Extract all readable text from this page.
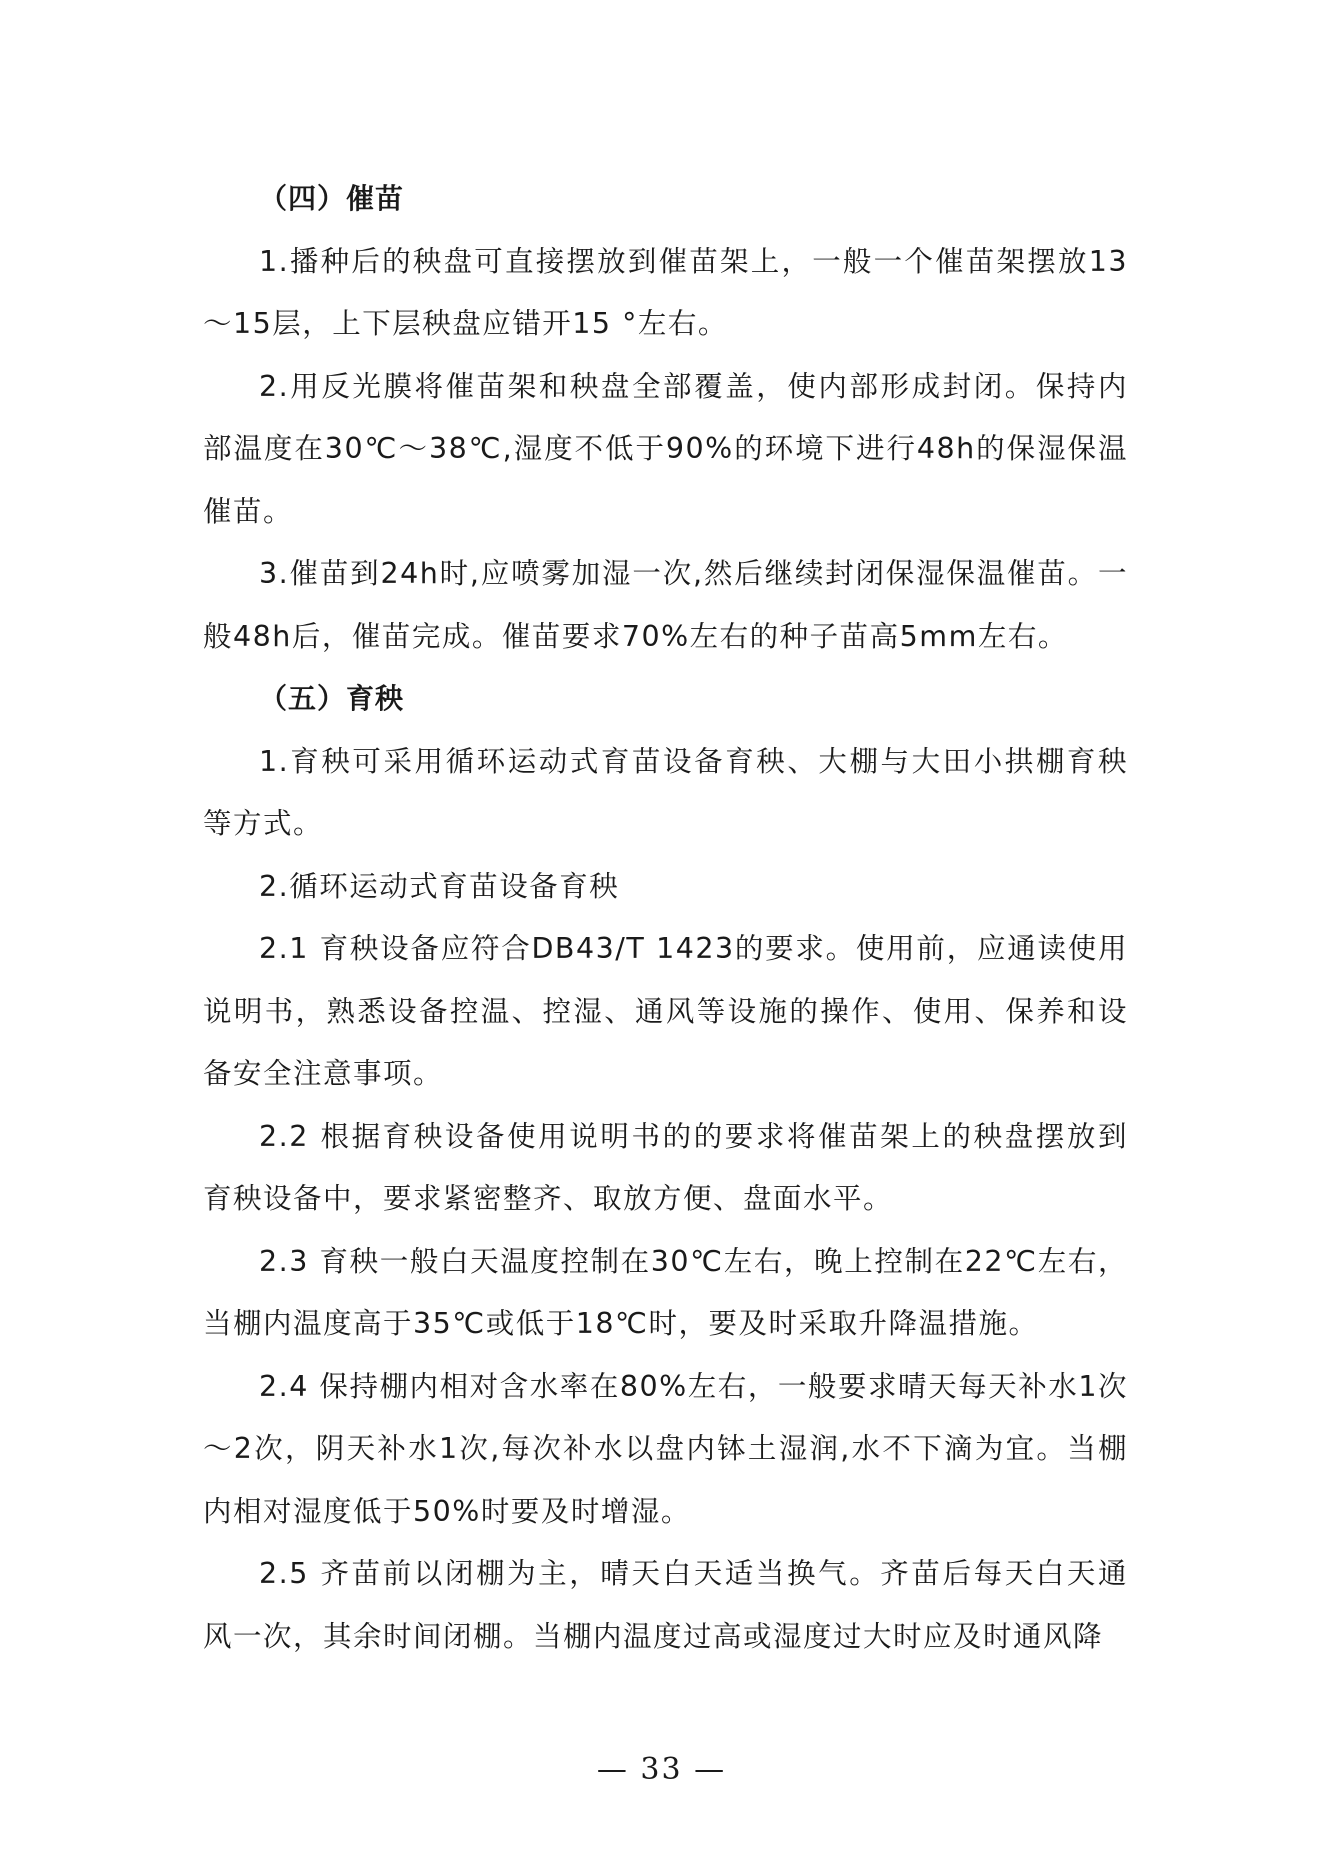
（四）催苗

1.播种后的秧盘可直接摆放到催苗架上，一般一个催苗架摆放13～15层，上下层秧盘应错开15 °左右。

2.用反光膜将催苗架和秧盘全部覆盖，使内部形成封闭。保持内部温度在30℃～38℃,湿度不低于90%的环境下进行48h的保湿保温催苗。

3.催苗到24h时,应喷雾加湿一次,然后继续封闭保湿保温催苗。一般48h后，催苗完成。催苗要求70%左右的种子苗高5mm左右。

（五）育秧

1.育秧可采用循环运动式育苗设备育秧、大棚与大田小拱棚育秧等方式。

2.循环运动式育苗设备育秧

2.1 育秧设备应符合DB43/T 1423的要求。使用前，应通读使用说明书，熟悉设备控温、控湿、通风等设施的操作、使用、保养和设备安全注意事项。

2.2 根据育秧设备使用说明书的的要求将催苗架上的秧盘摆放到育秧设备中，要求紧密整齐、取放方便、盘面水平。

2.3 育秧一般白天温度控制在30℃左右，晚上控制在22℃左右，当棚内温度高于35℃或低于18℃时，要及时采取升降温措施。

2.4 保持棚内相对含水率在80%左右，一般要求晴天每天补水1次～2次，阴天补水1次,每次补水以盘内钵土湿润,水不下滴为宜。当棚内相对湿度低于50%时要及时增湿。

2.5 齐苗前以闭棚为主，晴天白天适当换气。齐苗后每天白天通风一次，其余时间闭棚。当棚内温度过高或湿度过大时应及时通风降

— 33 —
